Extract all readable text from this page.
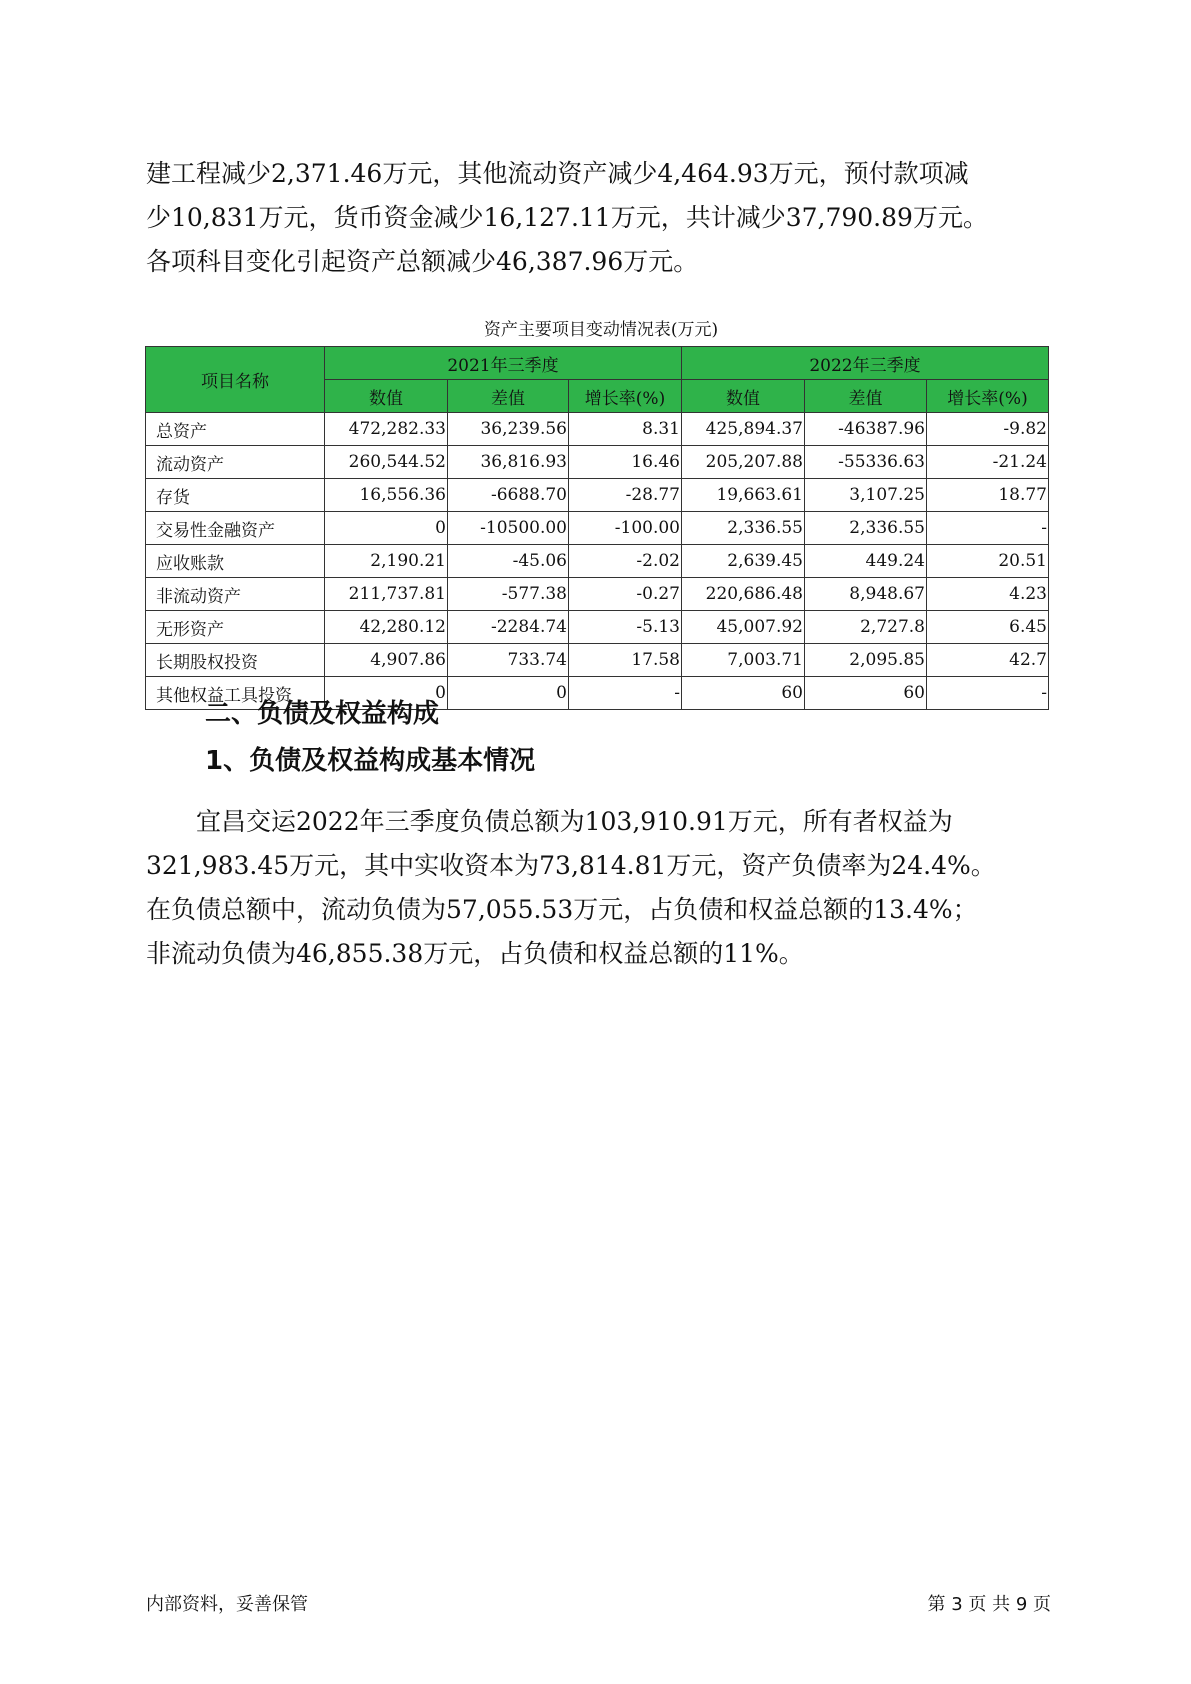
建工程减少2,371.46万元，其他流动资产减少4,464.93万元，预付款项减
少10,831万元，货币资金减少16,127.11万元，共计减少37,790.89万元。
各项科目变化引起资产总额减少46,387.96万元。
资产主要项目变动情况表(万元)
项目名称	2021年三季度			2022年三季度		
	数值	差值	增长率(%)	数值	差值	增长率(%)
总资产	472,282.33	36,239.56	8.31	425,894.37	-46387.96	-9.82
流动资产	260,544.52	36,816.93	16.46	205,207.88	-55336.63	-21.24
存货	16,556.36	-6688.70	-28.77	19,663.61	3,107.25	18.77
交易性金融资产	0	-10500.00	-100.00	2,336.55	2,336.55	-
应收账款	2,190.21	-45.06	-2.02	2,639.45	449.24	20.51
非流动资产	211,737.81	-577.38	-0.27	220,686.48	8,948.67	4.23
无形资产	42,280.12	-2284.74	-5.13	45,007.92	2,727.8	6.45
长期股权投资	4,907.86	733.74	17.58	7,003.71	2,095.85	42.7
其他权益工具投资	0	0	-	60	60	-
二、负债及权益构成
1、负债及权益构成基本情况
宜昌交运2022年三季度负债总额为103,910.91万元，所有者权益为
321,983.45万元，其中实收资本为73,814.81万元，资产负债率为24.4%。
在负债总额中，流动负债为57,055.53万元，占负债和权益总额的13.4%；
非流动负债为46,855.38万元，占负债和权益总额的11%。
内部资料，妥善保管	第 3 页 共 9 页
